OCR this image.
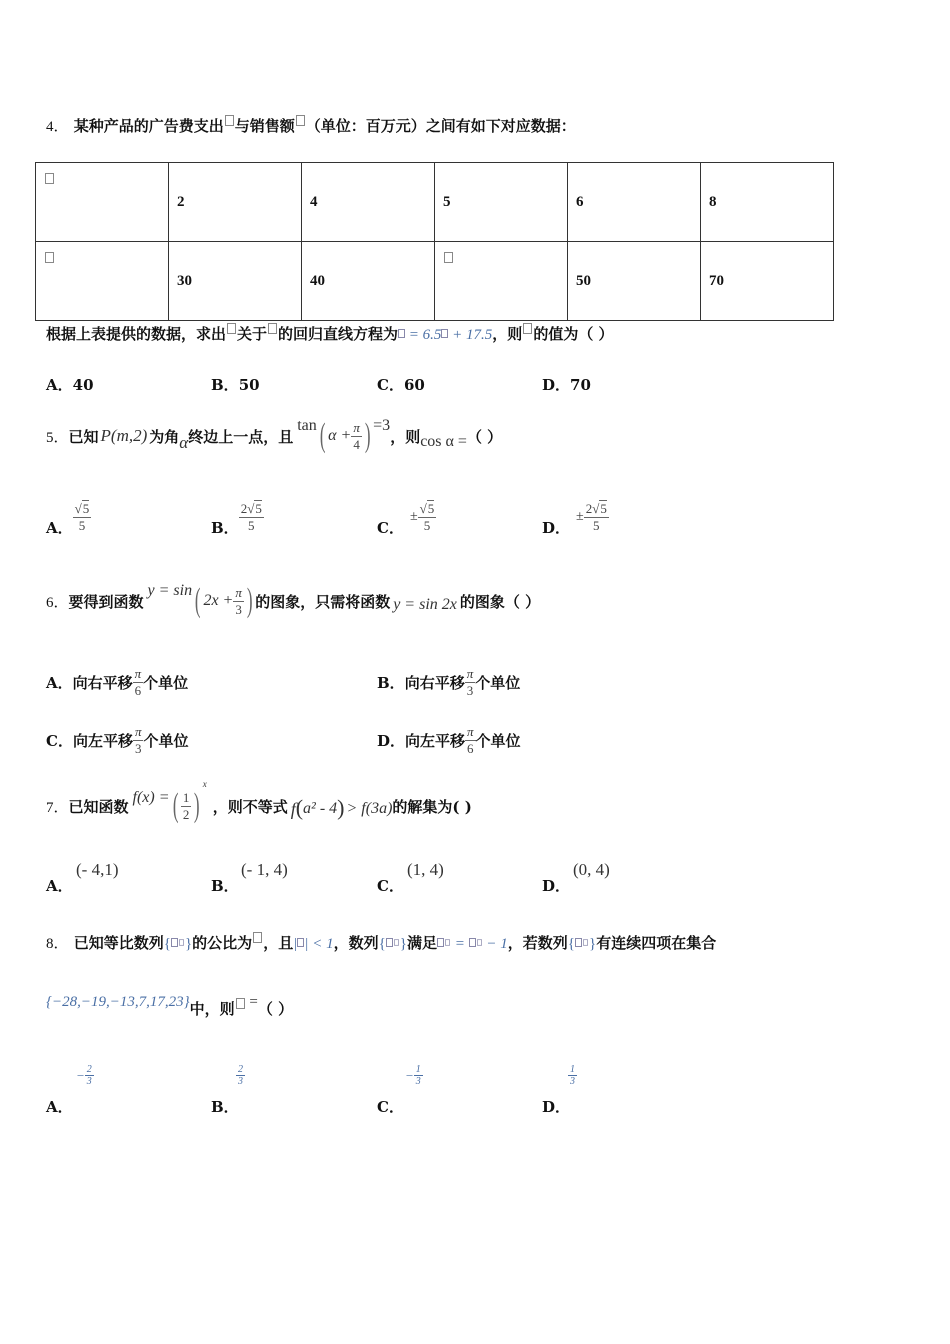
4． 某种产品的广告费支出 与销售额 （单位：百万元）之间有如下对应数据：
	2	4	5	6	8
	30	40		50	70
根据上表提供的数据，求出 关于 的回归直线方程为 = 6.5 + 17.5，则 的值为（ ）
A．40	B．50	C．60	D．70
5． 已知 P(m,2) 为角 α 终边上一点，且
tan ( $\alpha + \frac{\pi}{4}$ ) =3
，则 cos α = （ ）
A． $\frac{√5}{5}$	B． $\frac{2√5}{5}$	C．
± $\frac{√5}{5}$	D．
± $\frac{2√5}{5}$
6． 要得到函数
y = sin ( $2x + \frac{\pi}{3}$ ) 的图象，只需将函数 y = sin 2x 的图象（ ）
A． 向右平移 $\frac{\pi}{6}$ 个单位	B． 向右平移 $\frac{\pi}{3}$ 个单位
C． 向左平移 $\frac{\pi}{3}$ 个单位	D． 向左平移 $\frac{\pi}{6}$ 个单位
7． 已知函数 f(x) = ( $\frac{1}{2}$ )
x
，则不等式 f ( a² - 4 ) > f(3a) 的解集为( )
A．
(- 4,1)
B．
(- 1, 4)
C．
(1, 4)
D．
(0, 4)
8． 已知等比数列{ }的公比为 ，且| | < 1，数列{ }满足 =  − 1，若数列{ }有连续四项在集合
{−28,−19,−13,7,17,23}中，则 =（ ）
A．
− $\frac{2}{3}$
B．
$\frac{2}{3}$
C．
− $\frac{1}{3}$
D．
$\frac{1}{3}$
